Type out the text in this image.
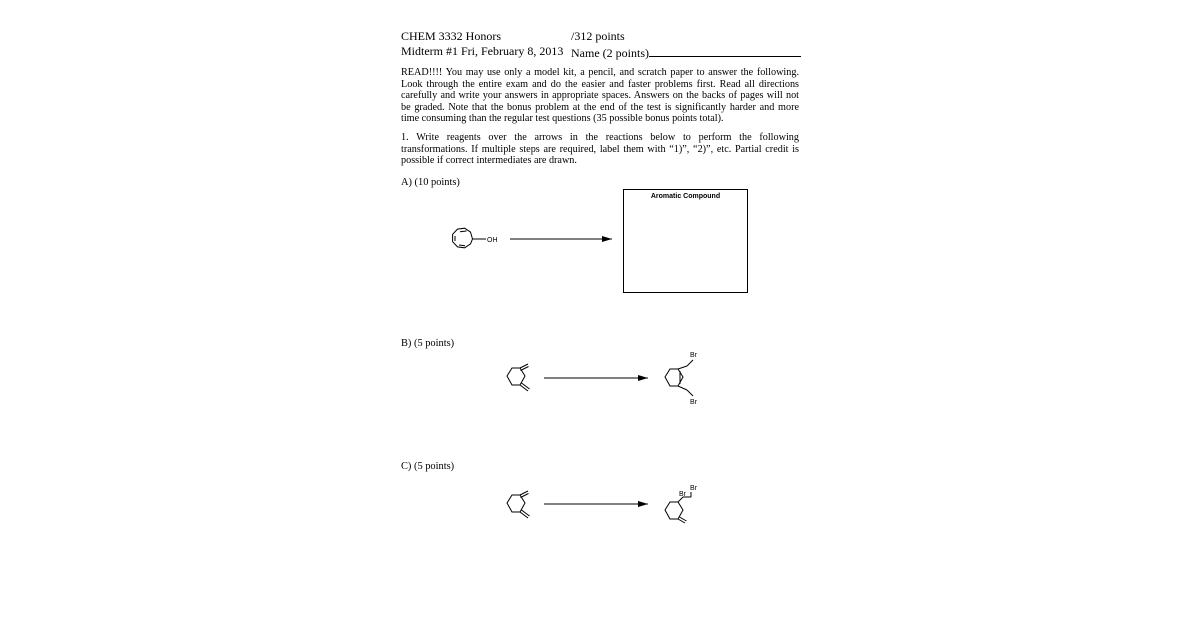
CHEM 3332 Honors
Midterm #1 Fri, February 8, 2013
/312 points
Name (2 points)
READ!!!! You may use only a model kit, a pencil, and scratch paper to answer the following. Look through the entire exam and do the easier and faster problems first. Read all directions carefully and write your answers in appropriate spaces. Answers on the backs of pages will not be graded. Note that the bonus problem at the end of the test is significantly harder and more time consuming than the regular test questions (35 possible bonus points total).
1. Write reagents over the arrows in the reactions below to perform the following transformations. If multiple steps are required, label them with “1)”, “2)”, etc. Partial credit is possible if correct intermediates are drawn.
A) (10 points)
B) (5 points)
C) (5 points)
Aromatic Compound
OH
Br
Br
Br
Br
